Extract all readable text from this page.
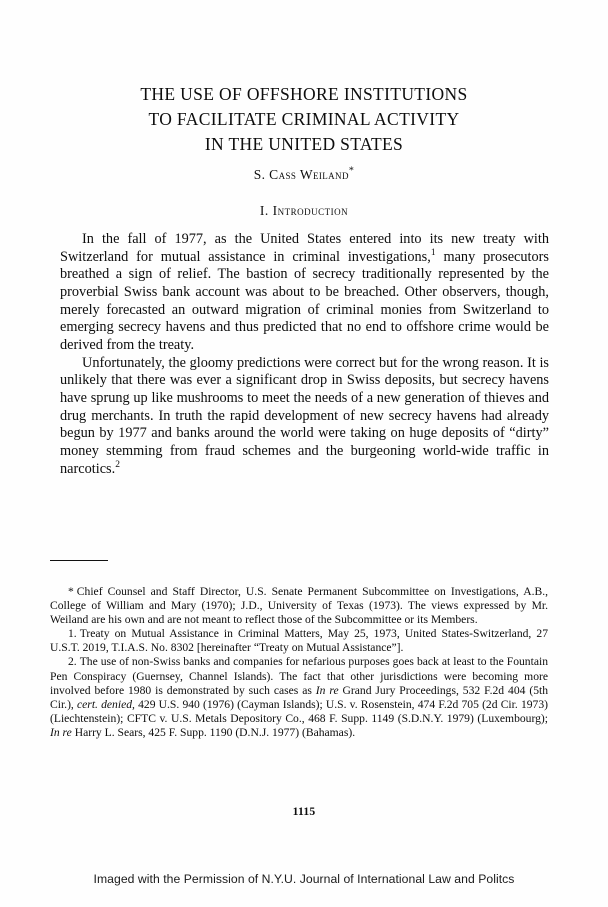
THE USE OF OFFSHORE INSTITUTIONS
TO FACILITATE CRIMINAL ACTIVITY
IN THE UNITED STATES
S. Cass Weiland*
I. Introduction

In the fall of 1977, as the United States entered into its new treaty with Switzerland for mutual assistance in criminal investigations,$^1$ many prosecutors breathed a sign of relief. The bastion of secrecy traditionally represented by the proverbial Swiss bank account was about to be breached. Other observers, though, merely forecasted an outward migration of criminal monies from Switzerland to emerging secrecy havens and thus predicted that no end to offshore crime would be derived from the treaty.

Unfortunately, the gloomy predictions were correct but for the wrong reason. It is unlikely that there was ever a significant drop in Swiss deposits, but secrecy havens have sprung up like mushrooms to meet the needs of a new generation of thieves and drug merchants. In truth the rapid development of new secrecy havens had already begun by 1977 and banks around the world were taking on huge deposits of “dirty” money stemming from fraud schemes and the burgeoning world-wide traffic in narcotics.$^2$

* Chief Counsel and Staff Director, U.S. Senate Permanent Subcommittee on Investigations, A.B., College of William and Mary (1970); J.D., University of Texas (1973). The views expressed by Mr. Weiland are his own and are not meant to reflect those of the Subcommittee or its Members.

1. Treaty on Mutual Assistance in Criminal Matters, May 25, 1973, United States-Switzerland, 27 U.S.T. 2019, T.I.A.S. No. 8302 [hereinafter “Treaty on Mutual Assistance”].

2. The use of non-Swiss banks and companies for nefarious purposes goes back at least to the Fountain Pen Conspiracy (Guernsey, Channel Islands). The fact that other jurisdictions were becoming more involved before 1980 is demonstrated by such cases as In re Grand Jury Proceedings, 532 F.2d 404 (5th Cir.), cert. denied, 429 U.S. 940 (1976) (Cayman Islands); U.S. v. Rosenstein, 474 F.2d 705 (2d Cir. 1973) (Liechtenstein); CFTC v. U.S. Metals Depository Co., 468 F. Supp. 1149 (S.D.N.Y. 1979) (Luxembourg); In re Harry L. Sears, 425 F. Supp. 1190 (D.N.J. 1977) (Bahamas).

1115
Imaged with the Permission of N.Y.U. Journal of International Law and Politcs
